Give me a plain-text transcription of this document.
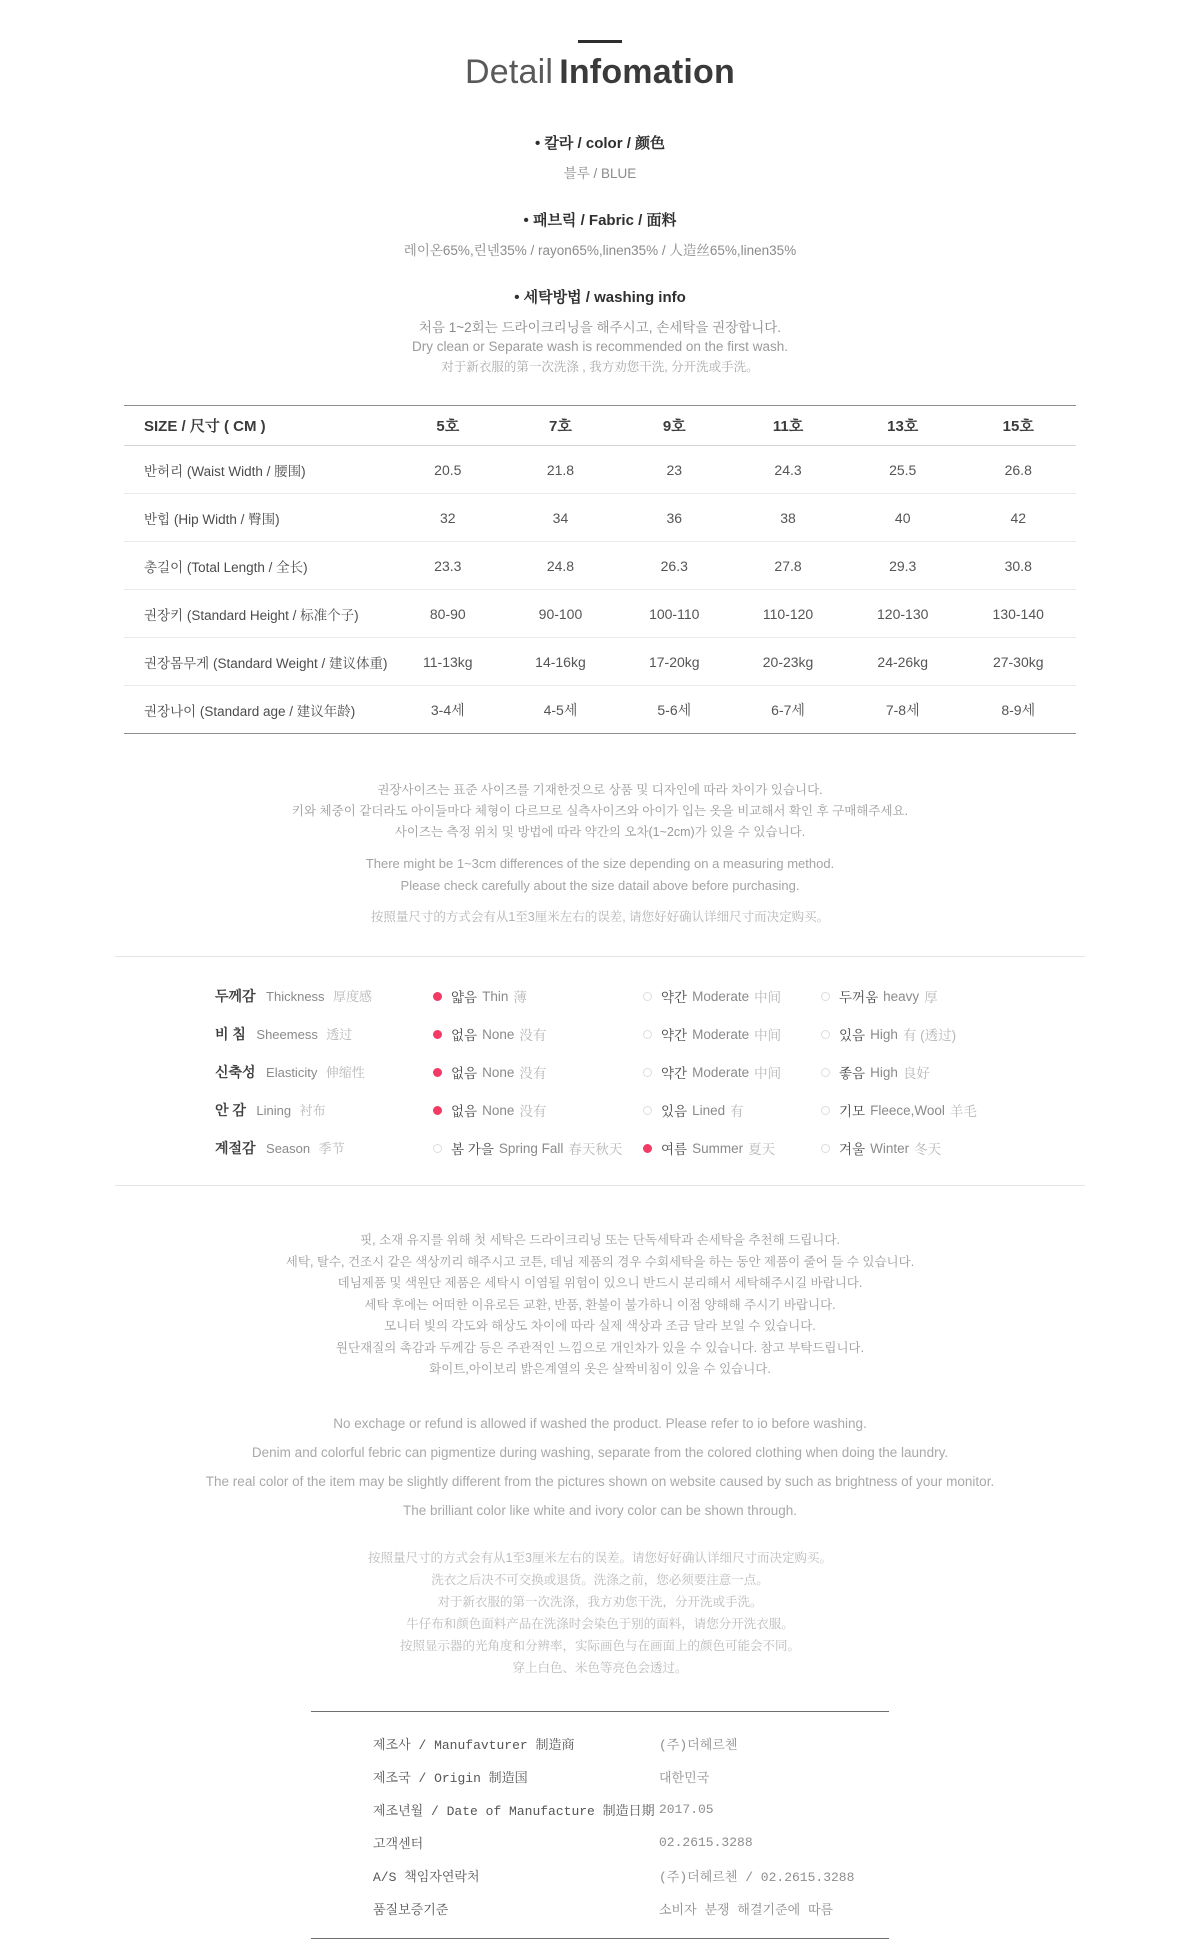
Detail Infomation
• 칼라 / color / 颜色

블루 / BLUE

• 패브릭 / Fabric / 面料

레이온65%,린넨35% / rayon65%,linen35% / 人造丝65%,linen35%

• 세탁방법 / washing info

처음 1~2회는 드라이크리닝을 해주시고, 손세탁을 권장합니다.

Dry clean or Separate wash is recommended on the first wash.

对于新衣服的第一次洗涤 , 我方劝您干洗, 分开洗或手洗。

SIZE / 尺寸 ( CM )	5호	7호	9호	11호	13호	15호
반허리 (Waist Width / 腰围)	20.5	21.8	23	24.3	25.5	26.8
반힙 (Hip Width / 臀围)	32	34	36	38	40	42
총길이 (Total Length / 全长)	23.3	24.8	26.3	27.8	29.3	30.8
권장키 (Standard Height / 标准个子)	80-90	90-100	100-110	110-120	120-130	130-140
권장몸무게 (Standard Weight / 建议体重)	11-13kg	14-16kg	17-20kg	20-23kg	24-26kg	27-30kg
권장나이 (Standard age / 建议年龄)	3-4세	4-5세	5-6세	6-7세	7-8세	8-9세

권장사이즈는 표준 사이즈를 기재한것으로 상품 및 디자인에 따라 차이가 있습니다.

키와 체중이 같더라도 아이들마다 체형이 다르므로 실측사이즈와 아이가 입는 옷을 비교해서 확인 후 구매해주세요.

사이즈는 측정 위치 및 방법에 따라 약간의 오차(1~2cm)가 있을 수 있습니다.

There might be 1~3cm differences of the size depending on a measuring method.

Please check carefully about the size datail above before purchasing.

按照量尺寸的方式会有从1至3厘米左右的误差, 请您好好确认详细尺寸而决定购买。

두께감 Thickness 厚度感	얇음 Thin 薄	약간 Moderate 中间	두꺼움 heavy 厚
비 침 Sheemess 透过	없음 None 没有	약간 Moderate 中间	있음 High 有 (透过)
신축성 Elasticity 伸缩性	없음 None 没有	약간 Moderate 中间	좋음 High 良好
안 감 Lining 衬布	없음 None 没有	있음 Lined 有	기모 Fleece,Wool 羊毛
계절감 Season 季节	봄 가을 Spring Fall 春天秋天	여름 Summer 夏天	겨울 Winter 冬天

핏, 소재 유지를 위해 첫 세탁은 드라이크리닝 또는 단독세탁과 손세탁을 추천해 드립니다.

세탁, 탈수, 건조시 같은 색상끼리 해주시고 코튼, 데님 제품의 경우 수회세탁을 하는 동안 제품이 줄어 들 수 있습니다.

데님제품 및 색원단 제품은 세탁시 이염될 위험이 있으니 반드시 분리해서 세탁해주시길 바랍니다.

세탁 후에는 어떠한 이유로든 교환, 반품, 환불이 불가하니 이점 양해해 주시기 바랍니다.

모니터 빛의 각도와 해상도 차이에 따라 실제 색상과 조금 달라 보일 수 있습니다.

원단재질의 촉감과 두께감 등은 주관적인 느낌으로 개인차가 있을 수 있습니다. 참고 부탁드립니다.

화이트,아이보리 밝은계열의 옷은 살짝비침이 있을 수 있습니다.

No exchage or refund is allowed if washed the product. Please refer to io before washing.

Denim and colorful febric can pigmentize during washing, separate from the colored clothing when doing the laundry.

The real color of the item may be slightly different from the pictures shown on website caused by such as brightness of your monitor.

The brilliant color like white and ivory color can be shown through.

按照量尺寸的方式会有从1至3厘米左右的误差。请您好好确认详细尺寸而决定购买。

洗衣之后决不可交换或退货。洗涤之前，您必须要注意一点。

对于新衣服的第一次洗涤，我方劝您干洗，分开洗或手洗。

牛仔布和颜色面料产品在洗涤时会染色于别的面料，请您分开洗衣服。

按照显示器的光角度和分辨率，实际画色与在画面上的颜色可能会不同。

穿上白色、米色等亮色会透过。

제조사 / Manufavturer 制造商	(주)더헤르첸
제조국 / Origin 制造国	대한민국
제조년월 / Date of Manufacture 制造日期 2017.05
고객센터	02.2615.3288
A/S 책임자연락처	(주)더헤르첸 / 02.2615.3288
품질보증기준	소비자 분쟁 해결기준에 따름
